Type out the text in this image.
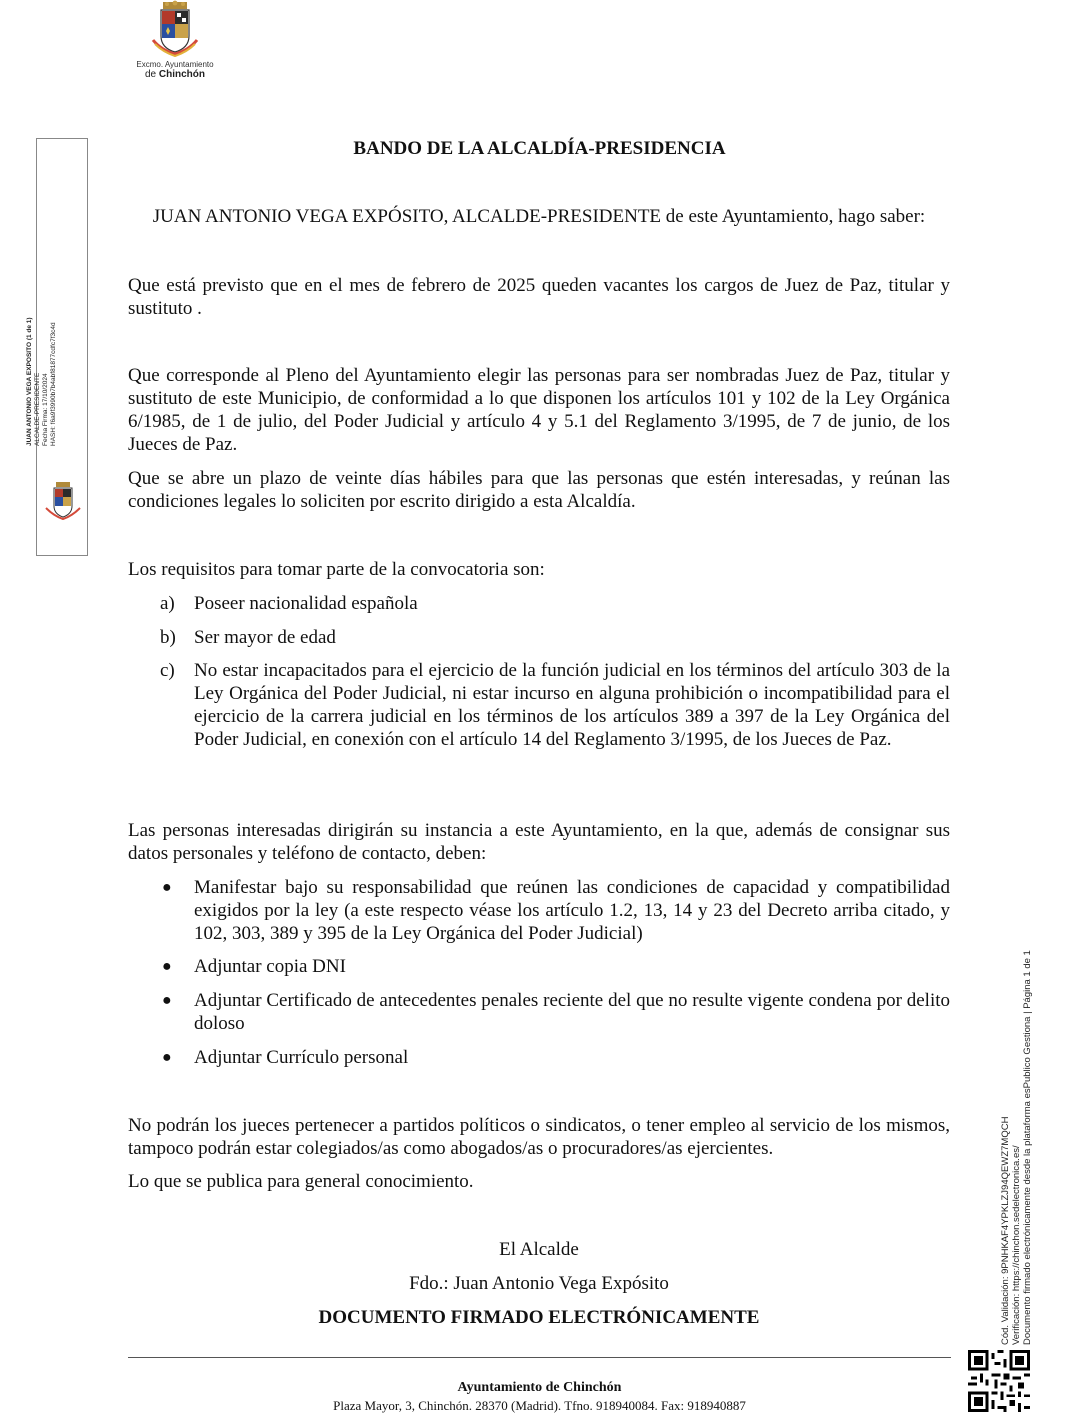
Excmo. Ayuntamiento
de Chinchón
JUAN ANTONIO VEGA EXPOSITO (1 de 1) ALCALDE-PRESIDENTE Fecha Firma: 17/10/2024 HASH: f6a9f3990b7b4abf81877cdfc7f3c4d
BANDO DE LA ALCALDÍA-PRESIDENCIA
JUAN ANTONIO VEGA EXPÓSITO, ALCALDE-PRESIDENTE de este Ayuntamiento, hago saber:
Que está previsto que en el mes de febrero de 2025 queden vacantes los cargos de Juez de Paz, titular y sustituto .
Que corresponde al Pleno del Ayuntamiento elegir las personas para ser nombradas Juez de Paz, titular y sustituto de este Municipio, de conformidad a lo que disponen los artículos 101 y 102 de la Ley Orgánica 6/1985, de 1 de julio, del Poder Judicial y artículo 4 y 5.1 del Reglamento 3/1995, de 7 de junio, de los Jueces de Paz.
Que se abre un plazo de veinte días hábiles para que las personas que estén interesadas, y reúnan las condiciones legales lo soliciten por escrito dirigido a esta Alcaldía.
Los requisitos para tomar parte de la convocatoria son:
a) Poseer nacionalidad española
b) Ser mayor de edad
c) No estar incapacitados para el ejercicio de la función judicial en los términos del artículo 303 de la Ley Orgánica del Poder Judicial, ni estar incurso en alguna prohibición o incompatibilidad para el ejercicio de la carrera judicial en los términos de los artículos 389 a 397 de la Ley Orgánica del Poder Judicial, en conexión con el artículo 14 del Reglamento 3/1995, de los Jueces de Paz.
Las personas interesadas dirigirán su instancia a este Ayuntamiento, en la que, además de consignar sus datos personales y teléfono de contacto, deben:
● Manifestar bajo su responsabilidad que reúnen las condiciones de capacidad y compatibilidad exigidos por la ley (a este respecto véase los artículo 1.2, 13, 14 y 23 del Decreto arriba citado, y 102, 303, 389 y 395 de la Ley Orgánica del Poder Judicial)
● Adjuntar copia DNI
● Adjuntar Certificado de antecedentes penales reciente del que no resulte vigente condena por delito doloso
● Adjuntar Currículo personal
No podrán los jueces pertenecer a partidos políticos o sindicatos, o tener empleo al servicio de los mismos, tampoco podrán estar colegiados/as como abogados/as o procuradores/as ejercientes.
Lo que se publica para general conocimiento.
El Alcalde
Fdo.: Juan Antonio Vega Expósito
DOCUMENTO FIRMADO ELECTRÓNICAMENTE	Cód. Validación: 9PNHKAF4YPKLZJ94QEWZ7MQCH Verificación: https://chinchon.sedelectronica.es/ Documento firmado electrónicamente desde la plataforma esPublico Gestiona | Página 1 de 1
Ayuntamiento de Chinchón
Plaza Mayor, 3, Chinchón. 28370 (Madrid). Tfno. 918940084. Fax: 918940887
